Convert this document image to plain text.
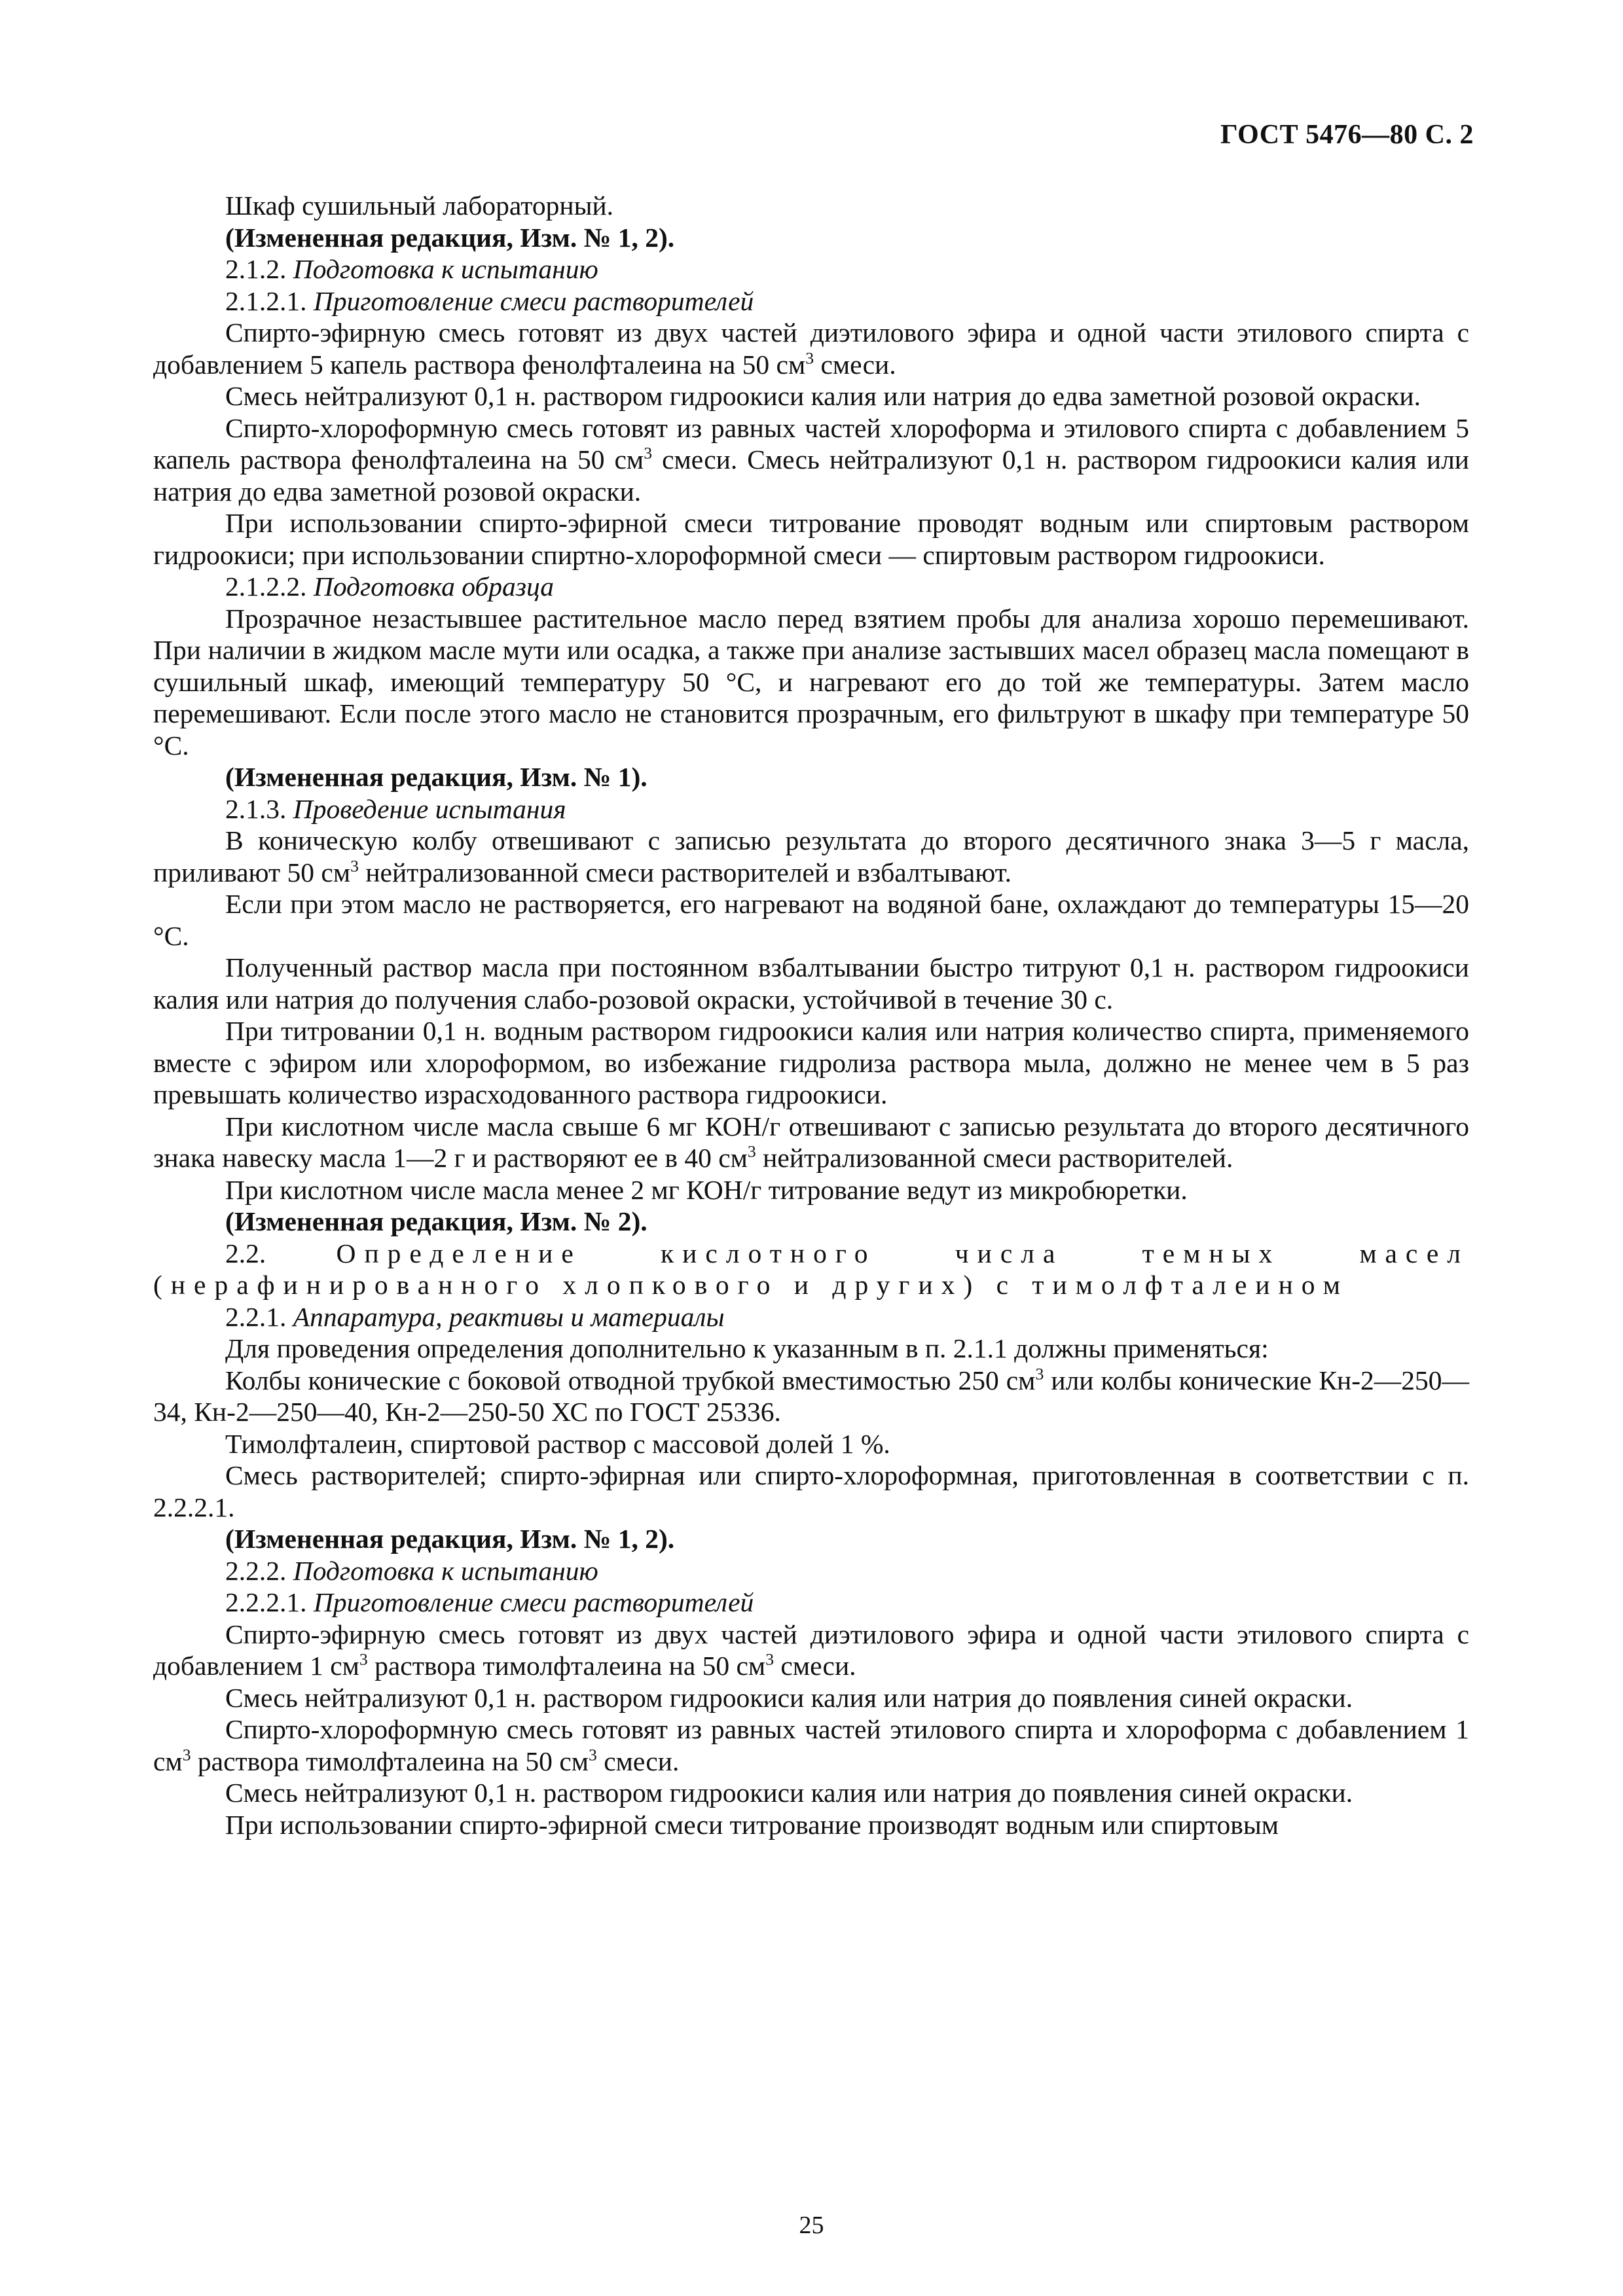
ГОСТ 5476—80 С. 2

Шкаф сушильный лабораторный.

(Измененная редакция, Изм. № 1, 2).

2.1.2. Подготовка к испытанию

2.1.2.1. Приготовление смеси растворителей

Спирто-эфирную смесь готовят из двух частей диэтилового эфира и одной части этилового спирта с добавлением 5 капель раствора фенолфталеина на 50 $см^3$ смеси.

Смесь нейтрализуют 0,1 н. раствором гидроокиси калия или натрия до едва заметной розовой окраски.

Спирто-хлороформную смесь готовят из равных частей хлороформа и этилового спирта с добавлением 5 капель раствора фенолфталеина на 50 $см^3$ смеси. Смесь нейтрализуют 0,1 н. раствором гидроокиси калия или натрия до едва заметной розовой окраски.

При использовании спирто-эфирной смеси титрование проводят водным или спиртовым раствором гидроокиси; при использовании спиртно-хлороформной смеси — спиртовым раствором гидроокиси.

2.1.2.2. Подготовка образца

Прозрачное незастывшее растительное масло перед взятием пробы для анализа хорошо перемешивают. При наличии в жидком масле мути или осадка, а также при анализе застывших масел образец масла помещают в сушильный шкаф, имеющий температуру 50 °С, и нагревают его до той же температуры. Затем масло перемешивают. Если после этого масло не становится прозрачным, его фильтруют в шкафу при температуре 50 °С.

(Измененная редакция, Изм. № 1).

2.1.3. Проведение испытания

В коническую колбу отвешивают с записью результата до второго десятичного знака 3—5 г масла, приливают 50 $см^3$ нейтрализованной смеси растворителей и взбалтывают.

Если при этом масло не растворяется, его нагревают на водяной бане, охлаждают до температуры 15—20 °С.

Полученный раствор масла при постоянном взбалтывании быстро титруют 0,1 н. раствором гидроокиси калия или натрия до получения слабо-розовой окраски, устойчивой в течение 30 с.

При титровании 0,1 н. водным раствором гидроокиси калия или натрия количество спирта, применяемого вместе с эфиром или хлороформом, во избежание гидролиза раствора мыла, должно не менее чем в 5 раз превышать количество израсходованного раствора гидроокиси.

При кислотном числе масла свыше 6 мг КОН/г отвешивают с записью результата до второго десятичного знака навеску масла 1—2 г и растворяют ее в 40 $см^3$ нейтрализованной смеси растворителей.

При кислотном числе масла менее 2 мг КОН/г титрование ведут из микробюретки.

(Измененная редакция, Изм. № 2).

2.2.	Определение кислотного числа темных масел (нерафинированного хлопкового и других) с тимолфталеином

2.2.1. Аппаратура, реактивы и материалы

Для проведения определения дополнительно к указанным в п. 2.1.1 должны применяться:

Колбы конические с боковой отводной трубкой вместимостью 250 $см^3$ или колбы конические Кн-2—250—34, Кн-2—250—40, Кн-2—250-50 ХС по ГОСТ 25336.

Тимолфталеин, спиртовой раствор с массовой долей 1 %.

Смесь растворителей; спирто-эфирная или спирто-хлороформная, приготовленная в соответствии с п. 2.2.2.1.

(Измененная редакция, Изм. № 1, 2).

2.2.2. Подготовка к испытанию

2.2.2.1. Приготовление смеси растворителей

Спирто-эфирную смесь готовят из двух частей диэтилового эфира и одной части этилового спирта с добавлением 1 $см^3$ раствора тимолфталеина на 50 $см^3$ смеси.

Смесь нейтрализуют 0,1 н. раствором гидроокиси калия или натрия до появления синей окраски.

Спирто-хлороформную смесь готовят из равных частей этилового спирта и хлороформа с добавлением 1 $см^3$ раствора тимолфталеина на 50 $см^3$ смеси.

Смесь нейтрализуют 0,1 н. раствором гидроокиси калия или натрия до появления синей окраски.

При использовании спирто-эфирной смеси титрование производят водным или спиртовым

25
